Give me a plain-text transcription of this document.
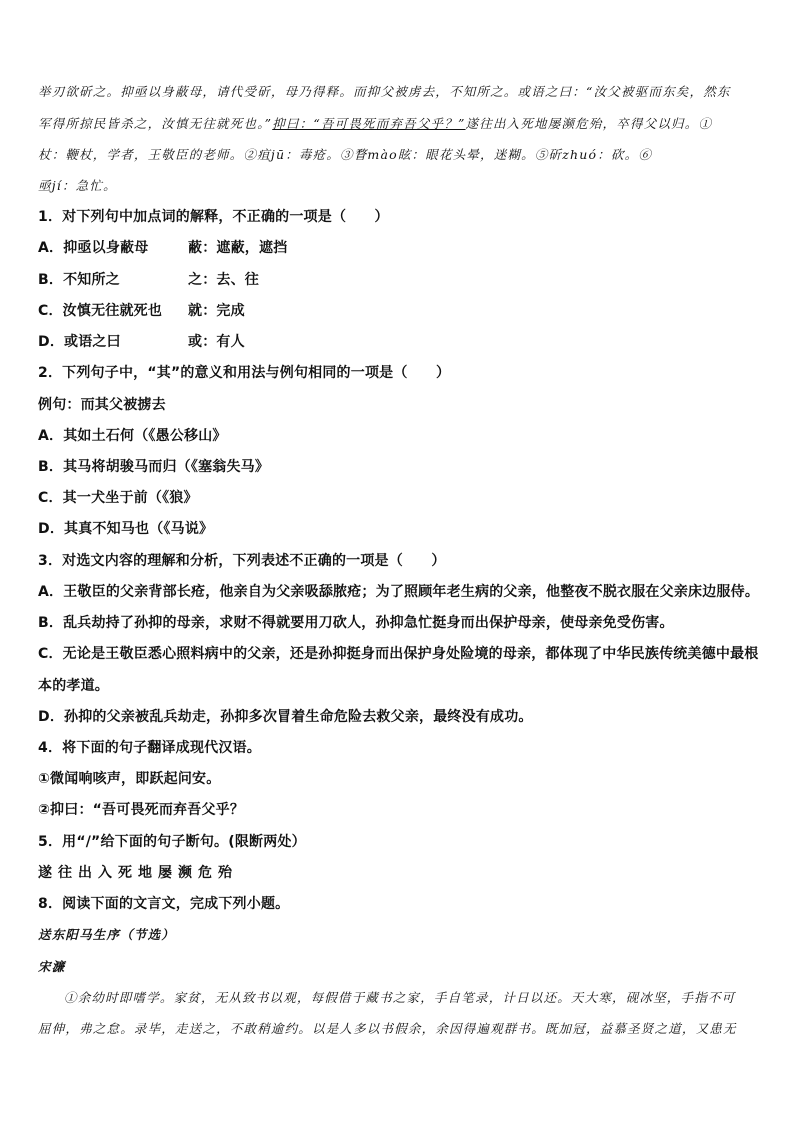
举刃欲斫之。抑亟以身蔽母，请代受斫，母乃得释。而抑父被虏去，不知所之。或语之曰：“汝父被驱而东矣，然东
军得所掠民皆杀之，汝慎无往就死也。”抑曰：“吾可畏死而弃吾父乎？”遂往出入死地屡濒危殆，卒得父以归。①
杖：鞭杖，学者，王敬臣的老师。②疽jū：毒疮。③瞀mào眩：眼花头晕，迷糊。⑤斫zhuó：砍。⑥
亟jí：急忙。
1．对下列句中加点词的解释，不正确的一项是（　　）
A．抑亟以身蔽母	蔽：遮蔽，遮挡
B．不知所之	之：去、往
C．汝慎无往就死也 就：完成
D．或语之曰	或：有人
2．下列句子中，“其”的意义和用法与例句相同的一项是（　　）
例句：而其父被掳去
A．其如土石何（《愚公移山》
B．其马将胡骏马而归（《塞翁失马》
C．其一犬坐于前（《狼》
D．其真不知马也（《马说》
3．对选文内容的理解和分析，下列表述不正确的一项是（　　）
A．王敬臣的父亲背部长疮，他亲自为父亲吸舔脓疮；为了照顾年老生病的父亲，他整夜不脱衣服在父亲床边服侍。
B．乱兵劫持了孙抑的母亲，求财不得就要用刀砍人，孙抑急忙挺身而出保护母亲，使母亲免受伤害。
C．无论是王敬臣悉心照料病中的父亲，还是孙抑挺身而出保护身处险境的母亲，都体现了中华民族传统美德中最根
本的孝道。
D．孙抑的父亲被乱兵劫走，孙抑多次冒着生命危险去救父亲，最终没有成功。
4．将下面的句子翻译成现代汉语。
①微闻响咳声，即跃起问安。
②抑曰：“吾可畏死而弃吾父乎？
5．用“/”给下面的句子断句。(限断两处）
遂往出入死地屡濒危殆
8．阅读下面的文言文，完成下列小题。
送东阳马生序（节选）
宋濂
①余幼时即嗜学。家贫，无从致书以观，每假借于藏书之家，手自笔录，计日以还。天大寒，砚冰坚，手指不可
屈伸，弗之怠。录毕，走送之，不敢稍逾约。以是人多以书假余，余因得遍观群书。既加冠，益慕圣贤之道，又患无
